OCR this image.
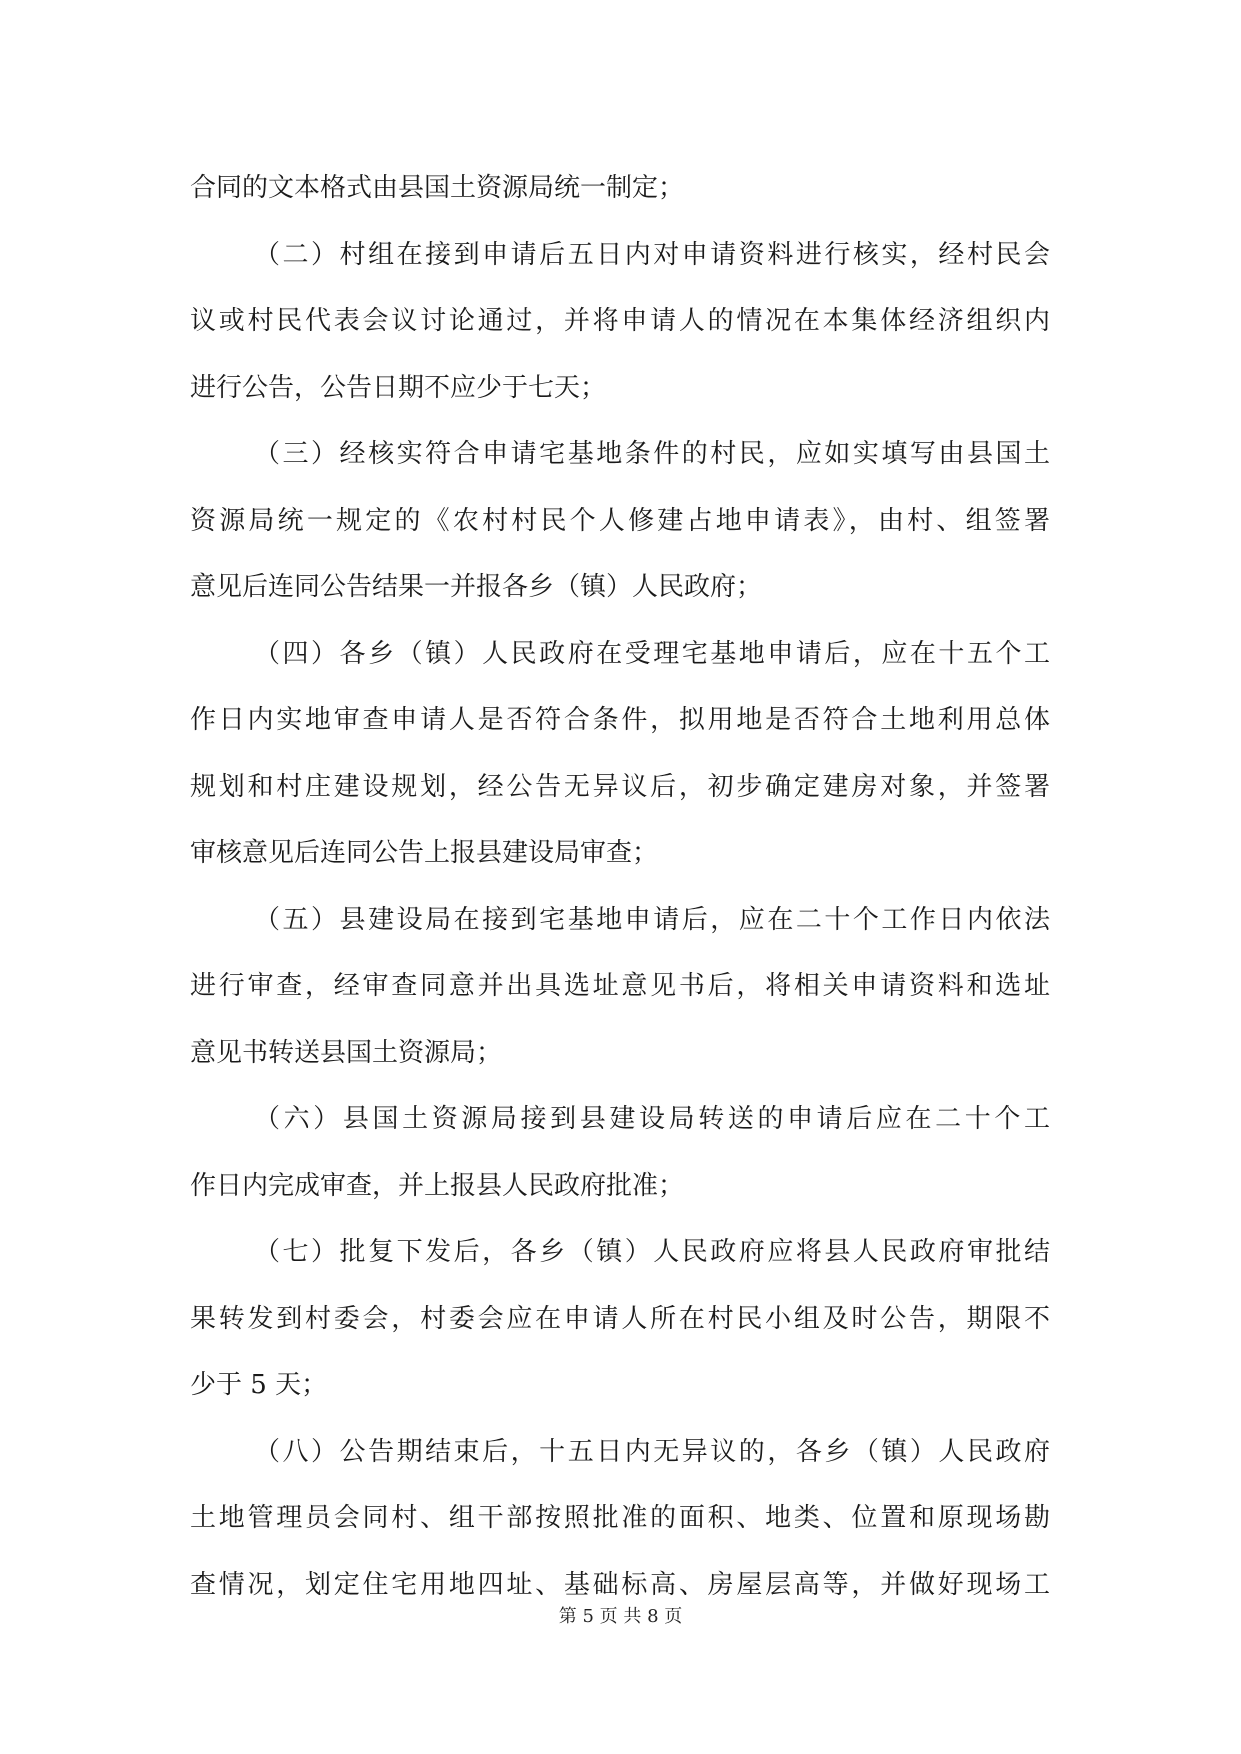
合同的文本格式由县国土资源局统一制定；
（二）村组在接到申请后五日内对申请资料进行核实，经村民会
议或村民代表会议讨论通过，并将申请人的情况在本集体经济组织内
进行公告，公告日期不应少于七天；
（三）经核实符合申请宅基地条件的村民，应如实填写由县国土
资源局统一规定的《农村村民个人修建占地申请表》，由村、组签署
意见后连同公告结果一并报各乡（镇）人民政府；
（四）各乡（镇）人民政府在受理宅基地申请后，应在十五个工
作日内实地审查申请人是否符合条件，拟用地是否符合土地利用总体
规划和村庄建设规划，经公告无异议后，初步确定建房对象，并签署
审核意见后连同公告上报县建设局审查；
（五）县建设局在接到宅基地申请后，应在二十个工作日内依法
进行审查，经审查同意并出具选址意见书后，将相关申请资料和选址
意见书转送县国土资源局；
（六）县国土资源局接到县建设局转送的申请后应在二十个工
作日内完成审查，并上报县人民政府批准；
（七）批复下发后，各乡（镇）人民政府应将县人民政府审批结
果转发到村委会，村委会应在申请人所在村民小组及时公告，期限不
少于 5 天；
（八）公告期结束后，十五日内无异议的，各乡（镇）人民政府
土地管理员会同村、组干部按照批准的面积、地类、位置和原现场勘
查情况，划定住宅用地四址、基础标高、房屋层高等，并做好现场工
第 5 页 共 8 页
